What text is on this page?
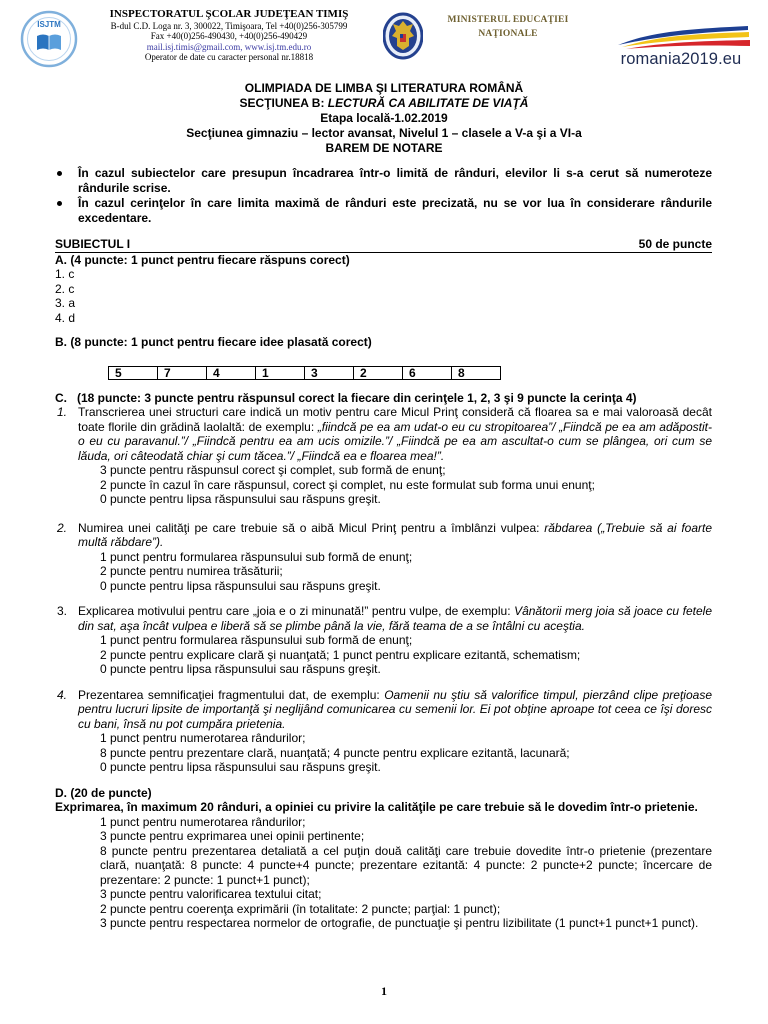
ISJTM
INSPECTORATUL ŞCOLAR JUDEŢEAN TIMIŞ
B-dul C.D. Loga nr. 3, 300022, Timişoara, Tel +40(0)256-305799
Fax +40(0)256-490430, +40(0)256-490429
mail.isj.timis@gmail.com, www.isj.tm.edu.ro
Operator de date cu caracter personal nr.18818
MINISTERUL EDUCAŢIEI
NAŢIONALE
romania2019.eu
OLIMPIADA DE LIMBA ŞI LITERATURA ROMÂNĂ
SECŢIUNEA B: LECTURĂ CA ABILITATE DE VIAŢĂ
Etapa locală-1.02.2019
Secţiunea gimnaziu – lector avansat, Nivelul 1 – clasele a V-a şi a VI-a
BAREM DE NOTARE
În cazul subiectelor care presupun încadrarea într-o limită de rânduri, elevilor li s-a cerut să numeroteze rândurile scrise.
În cazul cerinţelor în care limita maximă de rânduri este precizată, nu se vor lua în considerare rândurile excedentare.
SUBIECTUL I	50 de puncte
A. (4 puncte: 1 punct pentru fiecare răspuns corect)
1. c
2. c
3. a
4. d
B. (8 puncte: 1 punct pentru fiecare idee plasată corect)
5	7	4	1	3	2	6	8
C. (18 puncte: 3 puncte pentru răspunsul corect la fiecare din cerinţele 1, 2, 3 şi 9 puncte la cerinţa 4)
1. Transcrierea unei structuri care indică un motiv pentru care Micul Prinţ consideră că floarea sa e mai valoroasă decât toate florile din grădină laolaltă: de exemplu: „fiindcă pe ea am udat-o eu cu stropitoarea”/ „Fiindcă pe ea am adăpostit-o eu cu paravanul.”/ „Fiindcă pentru ea am ucis omizile.”/ „Fiindcă pe ea am ascultat-o cum se plângea, ori cum se lăuda, ori câteodată chiar şi cum tăcea.”/ „Fiindcă ea e floarea mea!”.
3 puncte pentru răspunsul corect şi complet, sub formă de enunţ;
2 puncte în cazul în care răspunsul, corect şi complet, nu este formulat sub forma unui enunţ;
0 puncte pentru lipsa răspunsului sau răspuns greşit.
2. Numirea unei calităţi pe care trebuie să o aibă Micul Prinţ pentru a îmblânzi vulpea: răbdarea („Trebuie să ai foarte multă răbdare”).
1 punct pentru formularea răspunsului sub formă de enunţ;
2 puncte pentru numirea trăsăturii;
0 puncte pentru lipsa răspunsului sau răspuns greşit.
3. Explicarea motivului pentru care „joia e o zi minunată!” pentru vulpe, de exemplu: Vânătorii merg joia să joace cu fetele din sat, aşa încât vulpea e liberă să se plimbe până la vie, fără teama de a se întâlni cu aceştia.
1 punct pentru formularea răspunsului sub formă de enunţ;
2 puncte pentru explicare clară şi nuanţată; 1 punct pentru explicare ezitantă, schematism;
0 puncte pentru lipsa răspunsului sau răspuns greşit.
4. Prezentarea semnificaţiei fragmentului dat, de exemplu: Oamenii nu ştiu să valorifice timpul, pierzând clipe preţioase pentru lucruri lipsite de importanţă şi neglijând comunicarea cu semenii lor. Ei pot obţine aproape tot ceea ce îşi doresc cu bani, însă nu pot cumpăra prietenia.
1 punct pentru numerotarea rândurilor;
8 puncte pentru prezentare clară, nuanţată; 4 puncte pentru explicare ezitantă, lacunară;
0 puncte pentru lipsa răspunsului sau răspuns greşit.
D. (20 de puncte)
Exprimarea, în maximum 20 rânduri, a opiniei cu privire la calităţile pe care trebuie să le dovedim într-o prietenie.
1 punct pentru numerotarea rândurilor;
3 puncte pentru exprimarea unei opinii pertinente;
8 puncte pentru prezentarea detaliată a cel puţin două calităţi care trebuie dovedite într-o prietenie (prezentare clară, nuanţată: 8 puncte: 4 puncte+4 puncte; prezentare ezitantă: 4 puncte: 2 puncte+2 puncte; încercare de prezentare: 2 puncte: 1 punct+1 punct);
3 puncte pentru valorificarea textului citat;
2 puncte pentru coerenţa exprimării (în totalitate: 2 puncte; parţial: 1 punct);
3 puncte pentru respectarea normelor de ortografie, de punctuaţie şi pentru lizibilitate (1 punct+1 punct+1 punct).
1
